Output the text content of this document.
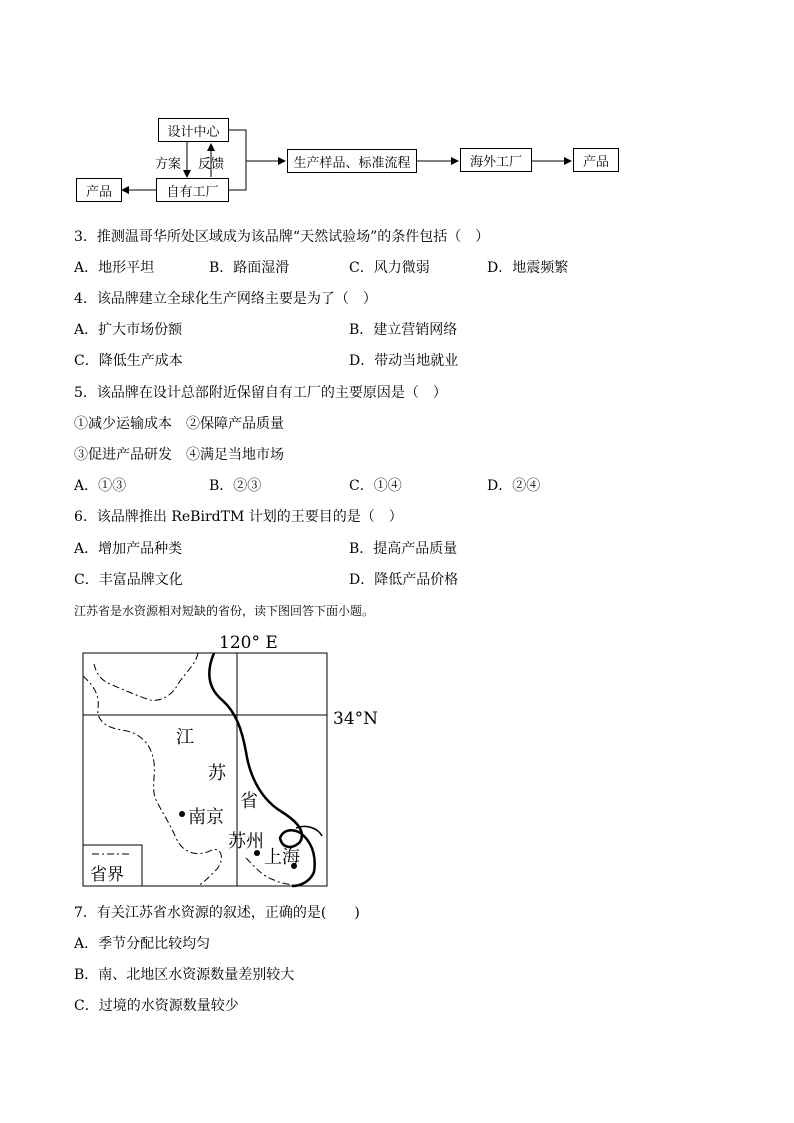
设计中心
自有工厂
产品
方案 反馈	生产样品、标准流程	海外工厂	产品
3．推测温哥华所处区域成为该品牌“天然试验场”的条件包括（　）
A．地形平坦	B．路面湿滑	C．风力微弱	D．地震频繁
4．该品牌建立全球化生产网络主要是为了（　）
A．扩大市场份额	B．建立营销网络
C．降低生产成本	D．带动当地就业
5．该品牌在设计总部附近保留自有工厂的主要原因是（　）
①减少运输成本　②保障产品质量
③促进产品研发　④满足当地市场
A．①③	B．②③	C．①④	D．②④
6．该品牌推出 ReBirdTM 计划的王要目的是（　）
A．增加产品种类	B．提高产品质量
C．丰富品牌文化	D．降低产品价格
江苏省是水资源相对短缺的省份，读下图回答下面小题。
120° E
34°N
江
苏
省
南京
苏州
上海
省界
7．有关江苏省水资源的叙述，正确的是(　　)
A．季节分配比较均匀
B．南、北地区水资源数量差别较大
C．过境的水资源数量较少
